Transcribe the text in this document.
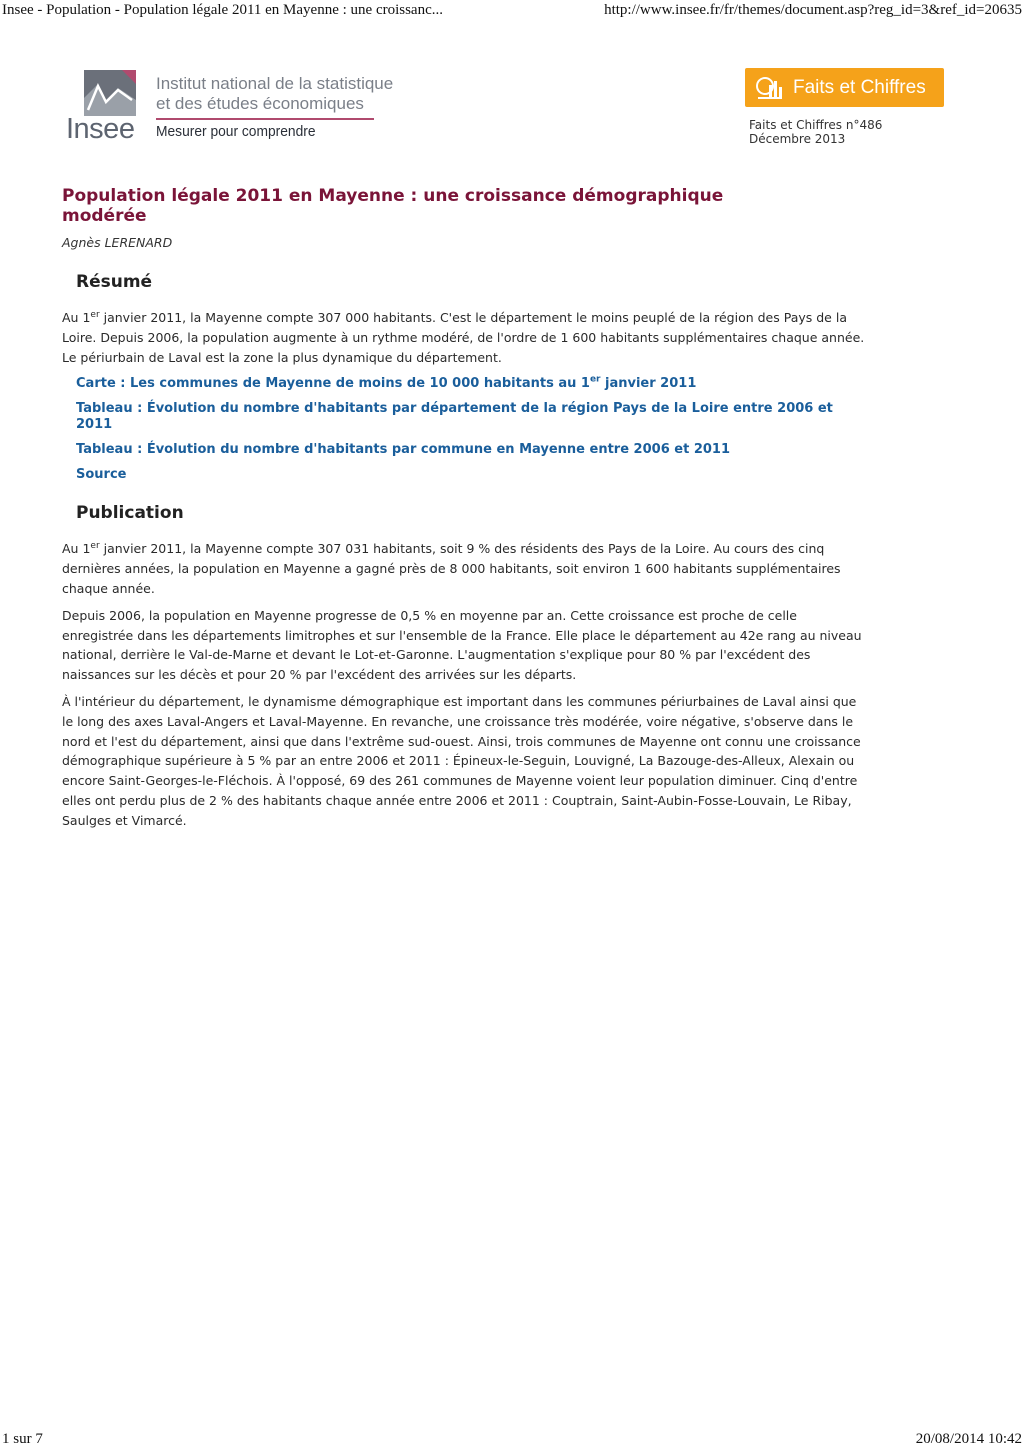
Insee - Population - Population légale 2011 en Mayenne : une croissanc...	http://www.insee.fr/fr/themes/document.asp?reg_id=3&ref_id=20635
Insee
Institut national de la statistique
et des études économiques
Mesurer pour comprendre
Faits et Chiffres
Faits et Chiffres n°486
Décembre 2013
Population légale 2011 en Mayenne : une croissance démographique modérée

Agnès LERENARD

Résumé

Au 1er janvier 2011, la Mayenne compte 307 000 habitants. C'est le département le moins peuplé de la région des Pays de la Loire. Depuis 2006, la population augmente à un rythme modéré, de l'ordre de 1 600 habitants supplémentaires chaque année. Le périurbain de Laval est la zone la plus dynamique du département.

Carte : Les communes de Mayenne de moins de 10 000 habitants au 1er janvier 2011
Tableau : Évolution du nombre d'habitants par département de la région Pays de la Loire entre 2006 et 2011
Tableau : Évolution du nombre d'habitants par commune en Mayenne entre 2006 et 2011
Source
Publication

Au 1er janvier 2011, la Mayenne compte 307 031 habitants, soit 9 % des résidents des Pays de la Loire. Au cours des cinq dernières années, la population en Mayenne a gagné près de 8 000 habitants, soit environ 1 600 habitants supplémentaires chaque année.

Depuis 2006, la population en Mayenne progresse de 0,5 % en moyenne par an. Cette croissance est proche de celle enregistrée dans les départements limitrophes et sur l'ensemble de la France. Elle place le département au 42e rang au niveau national, derrière le Val-de-Marne et devant le Lot-et-Garonne. L'augmentation s'explique pour 80 % par l'excédent des naissances sur les décès et pour 20 % par l'excédent des arrivées sur les départs.

À l'intérieur du département, le dynamisme démographique est important dans les communes périurbaines de Laval ainsi que le long des axes Laval-Angers et Laval-Mayenne. En revanche, une croissance très modérée, voire négative, s'observe dans le nord et l'est du département, ainsi que dans l'extrême sud-ouest. Ainsi, trois communes de Mayenne ont connu une croissance démographique supérieure à 5 % par an entre 2006 et 2011 : Épineux-le-Seguin, Louvigné, La Bazouge-des-Alleux, Alexain ou encore Saint-Georges-le-Fléchois. À l'opposé, 69 des 261 communes de Mayenne voient leur population diminuer. Cinq d'entre elles ont perdu plus de 2 % des habitants chaque année entre 2006 et 2011 : Couptrain, Saint-Aubin-Fosse-Louvain, Le Ribay, Saulges et Vimarcé.

1 sur 7	20/08/2014 10:42
